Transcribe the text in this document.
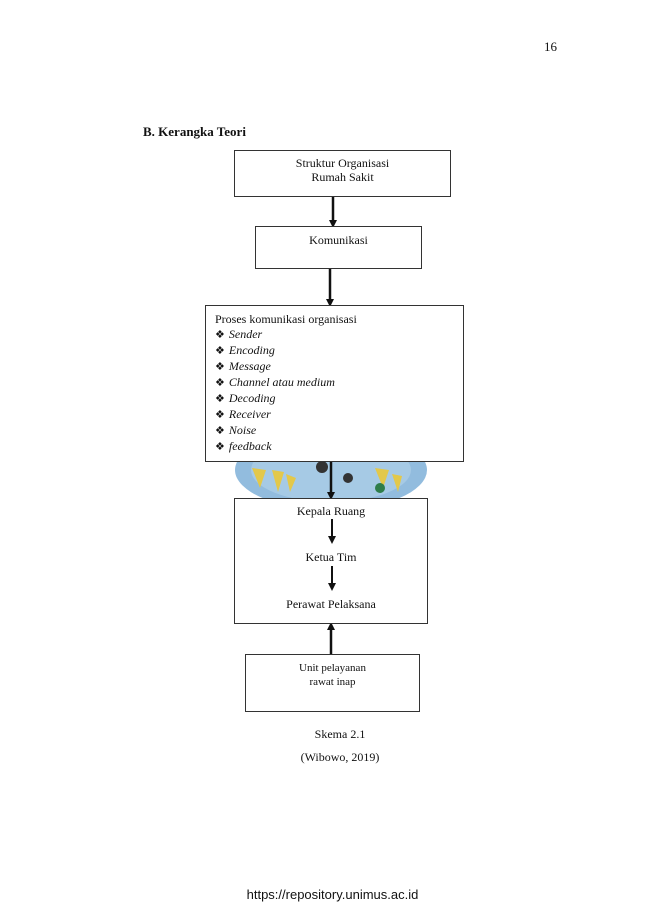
16
B. Kerangka Teori
Struktur Organisasi
Rumah Sakit
Komunikasi
Proses komunikasi organisasi
❖ Sender
❖ Encoding
❖ Message
❖ Channel atau medium
❖ Decoding
❖ Receiver
❖ Noise
❖ feedback
Kepala Ruang
Ketua Tim
Perawat Pelaksana
Unit pelayanan
rawat inap
Skema 2.1
(Wibowo, 2019)
https://repository.unimus.ac.id
